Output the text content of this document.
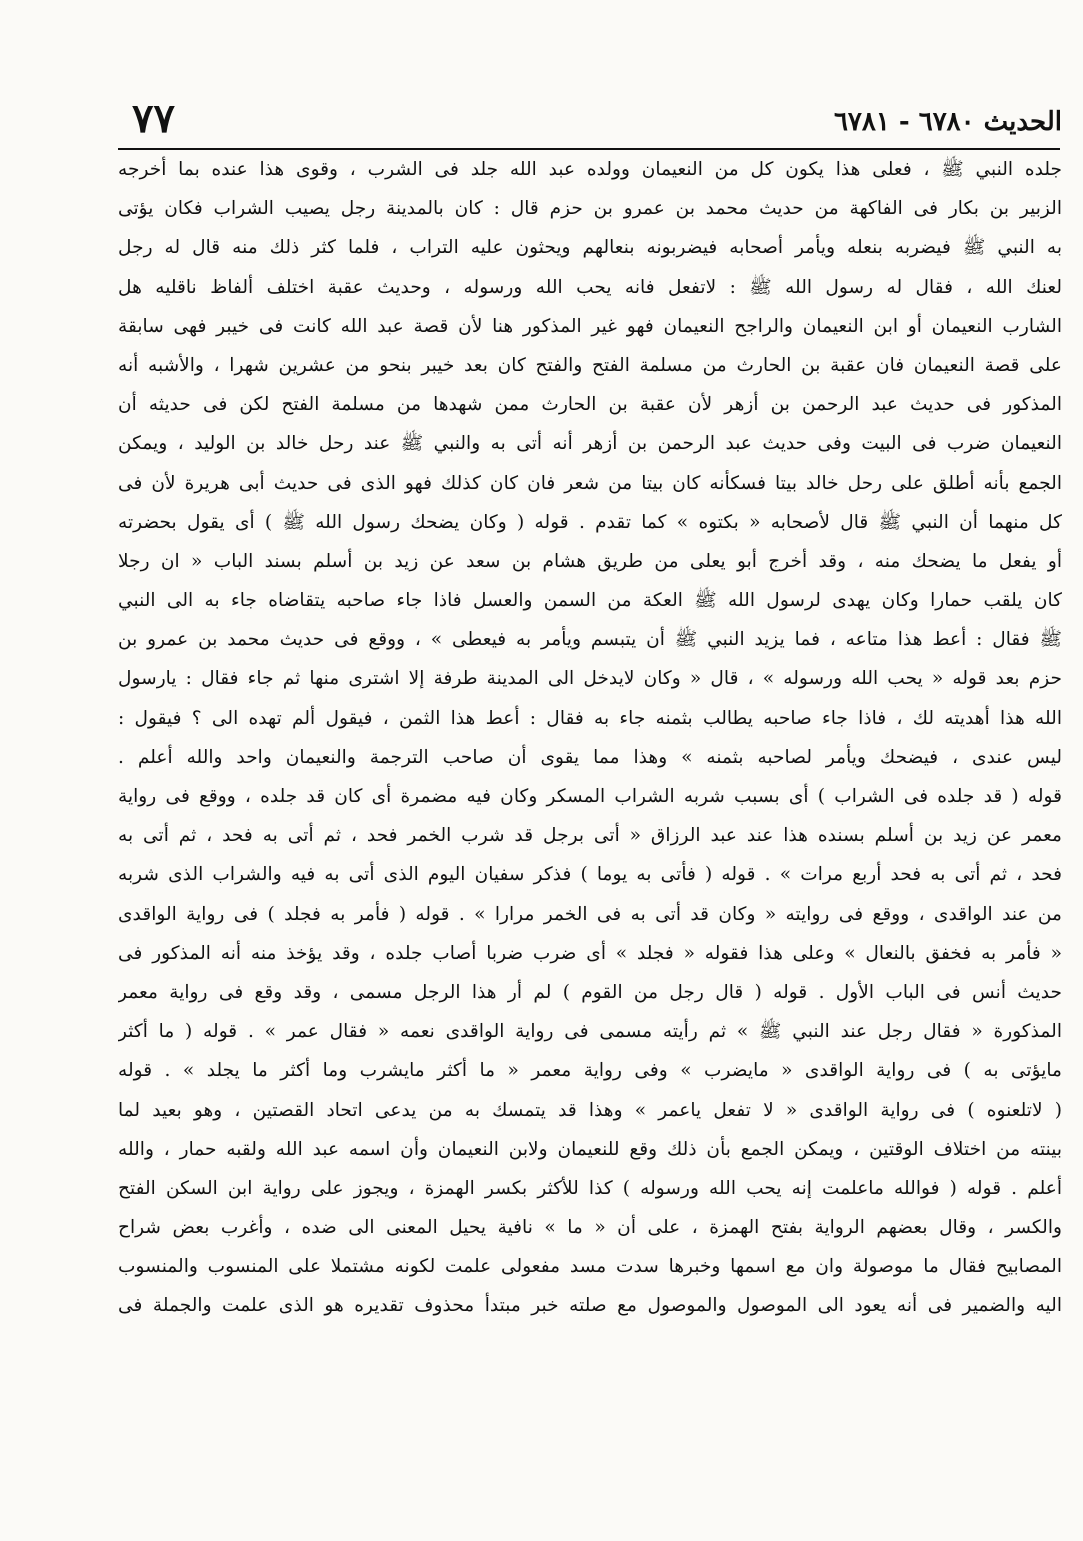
٧٧	الحديث ٦٧٨٠ - ٦٧٨١
جلده النبي ﷺ ، فعلى هذا يكون كل من النعيمان وولده عبد الله جلد فى الشرب ، وقوى هذا عنده بما أخرجه
الزبير بن بكار فى الفاكهة من حديث محمد بن عمرو بن حزم قال : كان بالمدينة رجل يصيب الشراب فكان يؤتى
به النبي ﷺ فيضربه بنعله ويأمر أصحابه فيضربونه بنعالهم ويحثون عليه التراب ، فلما كثر ذلك منه قال له رجل
لعنك الله ، فقال له رسول الله ﷺ : لاتفعل فانه يحب الله ورسوله ، وحديث عقبة اختلف ألفاظ ناقليه هل
الشارب النعيمان أو ابن النعيمان والراجح النعيمان فهو غير المذكور هنا لأن قصة عبد الله كانت فى خيبر فهى سابقة
على قصة النعيمان فان عقبة بن الحارث من مسلمة الفتح والفتح كان بعد خيبر بنحو من عشرين شهرا ، والأشبه أنه
المذكور فى حديث عبد الرحمن بن أزهر لأن عقبة بن الحارث ممن شهدها من مسلمة الفتح لكن فى حديثه أن
النعيمان ضرب فى البيت وفى حديث عبد الرحمن بن أزهر أنه أتى به والنبي ﷺ عند رحل خالد بن الوليد ، ويمكن
الجمع بأنه أطلق على رحل خالد بيتا فسكأنه كان بيتا من شعر فان كان كذلك فهو الذى فى حديث أبى هريرة لأن فى
كل منهما أن النبي ﷺ قال لأصحابه « بكتوه » كما تقدم . قوله ( وكان يضحك رسول الله ﷺ ) أى يقول بحضرته
أو يفعل ما يضحك منه ، وقد أخرج أبو يعلى من طريق هشام بن سعد عن زيد بن أسلم بسند الباب « ان رجلا
كان يلقب حمارا وكان يهدى لرسول الله ﷺ العكة من السمن والعسل فاذا جاء صاحبه يتقاضاه جاء به الى النبي
ﷺ فقال : أعط هذا متاعه ، فما يزيد النبي ﷺ أن يتبسم ويأمر به فيعطى » ، ووقع فى حديث محمد بن عمرو بن
حزم بعد قوله « يحب الله ورسوله » ، قال « وكان لايدخل الى المدينة طرفة إلا اشترى منها ثم جاء فقال : يارسول
الله هذا أهديته لك ، فاذا جاء صاحبه يطالب بثمنه جاء به فقال : أعط هذا الثمن ، فيقول ألم تهده الى ؟ فيقول :
ليس عندى ، فيضحك ويأمر لصاحبه بثمنه » وهذا مما يقوى أن صاحب الترجمة والنعيمان واحد والله أعلم .
قوله ( قد جلده فى الشراب ) أى بسبب شربه الشراب المسكر وكان فيه مضمرة أى كان قد جلده ، ووقع فى رواية
معمر عن زيد بن أسلم بسنده هذا عند عبد الرزاق « أتى برجل قد شرب الخمر فحد ، ثم أتى به فحد ، ثم أتى به
فحد ، ثم أتى به فحد أربع مرات » . قوله ( فأتى به يوما ) فذكر سفيان اليوم الذى أتى به فيه والشراب الذى شربه
من عند الواقدى ، ووقع فى روايته « وكان قد أتى به فى الخمر مرارا » . قوله ( فأمر به فجلد ) فى رواية الواقدى
« فأمر به فخفق بالنعال » وعلى هذا فقوله « فجلد » أى ضرب ضربا أصاب جلده ، وقد يؤخذ منه أنه المذكور فى
حديث أنس فى الباب الأول . قوله ( قال رجل من القوم ) لم أر هذا الرجل مسمى ، وقد وقع فى رواية معمر
المذكورة « فقال رجل عند النبي ﷺ » ثم رأيته مسمى فى رواية الواقدى نعمه « فقال عمر » . قوله ( ما أكثر
مايؤتى به ) فى رواية الواقدى « مايضرب » وفى رواية معمر « ما أكثر مايشرب وما أكثر ما يجلد » . قوله
( لاتلعنوه ) فى رواية الواقدى « لا تفعل ياعمر » وهذا قد يتمسك به من يدعى اتحاد القصتين ، وهو بعيد لما
بينته من اختلاف الوقتين ، ويمكن الجمع بأن ذلك وقع للنعيمان ولابن النعيمان وأن اسمه عبد الله ولقبه حمار ، والله
أعلم . قوله ( فوالله ماعلمت إنه يحب الله ورسوله ) كذا للأكثر بكسر الهمزة ، ويجوز على رواية ابن السكن الفتح
والكسر ، وقال بعضهم الرواية بفتح الهمزة ، على أن « ما » نافية يحيل المعنى الى ضده ، وأغرب بعض شراح
المصابيح فقال ما موصولة وان مع اسمها وخبرها سدت مسد مفعولى علمت لكونه مشتملا على المنسوب والمنسوب
اليه والضمير فى أنه يعود الى الموصول والموصول مع صلته خبر مبتدأ محذوف تقديره هو الذى علمت والجملة فى
